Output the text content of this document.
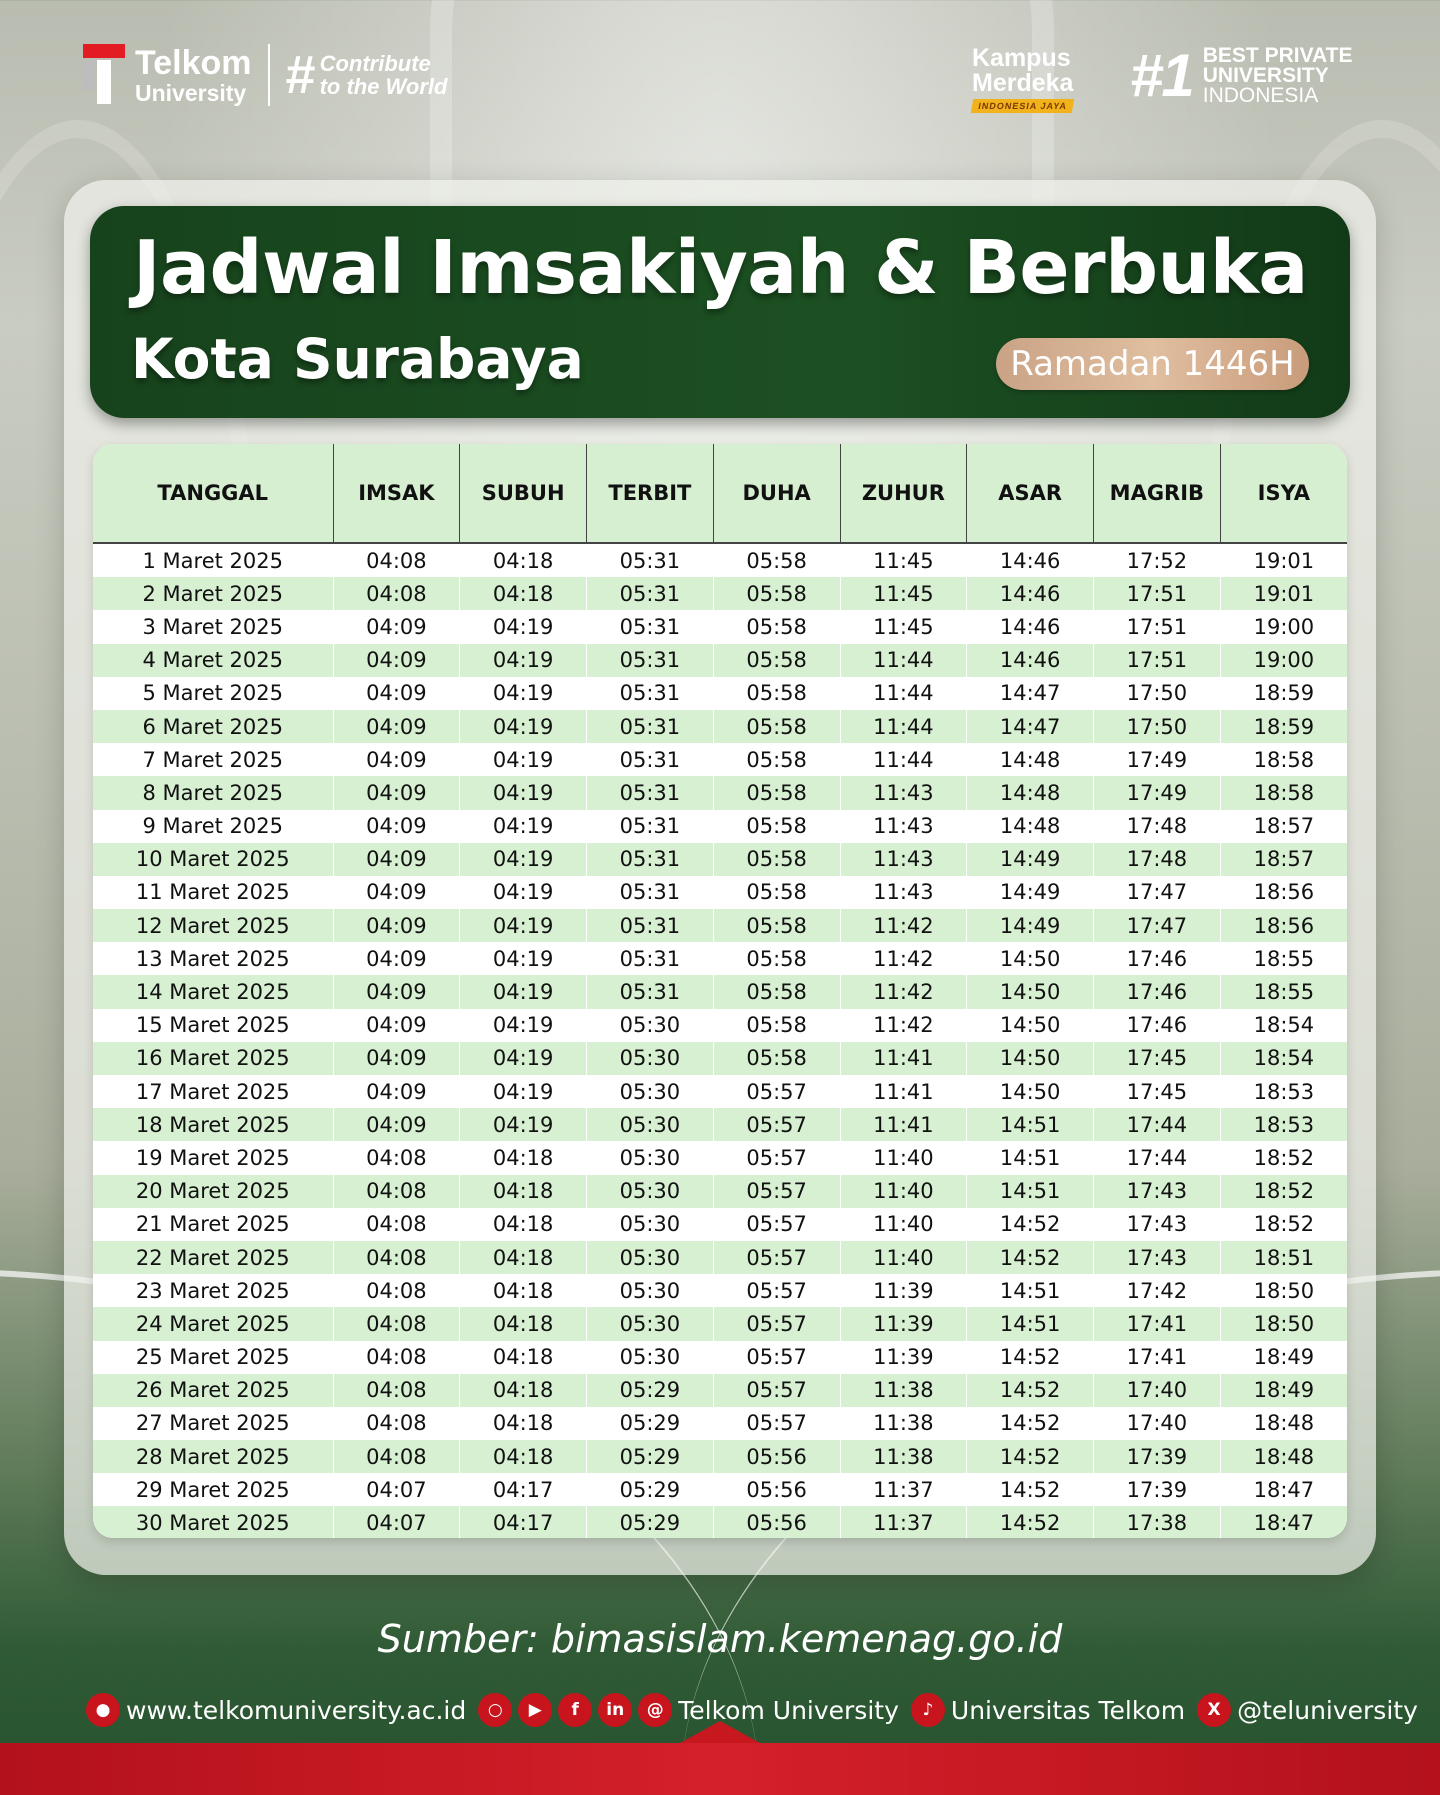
Telkom
University # Contribute
to the World
Kampus
Merdeka
INDONESIA JAYA #1 BEST PRIVATE
UNIVERSITY
INDONESIA
Jadwal Imsakiyah & Berbuka
Kota Surabaya	Ramadan 1446H
TANGGAL	IMSAK	SUBUH	TERBIT	DUHA	ZUHUR	ASAR	MAGRIB	ISYA
1 Maret 2025	04:08	04:18	05:31	05:58	11:45	14:46	17:52	19:01
2 Maret 2025	04:08	04:18	05:31	05:58	11:45	14:46	17:51	19:01
3 Maret 2025	04:09	04:19	05:31	05:58	11:45	14:46	17:51	19:00
4 Maret 2025	04:09	04:19	05:31	05:58	11:44	14:46	17:51	19:00
5 Maret 2025	04:09	04:19	05:31	05:58	11:44	14:47	17:50	18:59
6 Maret 2025	04:09	04:19	05:31	05:58	11:44	14:47	17:50	18:59
7 Maret 2025	04:09	04:19	05:31	05:58	11:44	14:48	17:49	18:58
8 Maret 2025	04:09	04:19	05:31	05:58	11:43	14:48	17:49	18:58
9 Maret 2025	04:09	04:19	05:31	05:58	11:43	14:48	17:48	18:57
10 Maret 2025	04:09	04:19	05:31	05:58	11:43	14:49	17:48	18:57
11 Maret 2025	04:09	04:19	05:31	05:58	11:43	14:49	17:47	18:56
12 Maret 2025	04:09	04:19	05:31	05:58	11:42	14:49	17:47	18:56
13 Maret 2025	04:09	04:19	05:31	05:58	11:42	14:50	17:46	18:55
14 Maret 2025	04:09	04:19	05:31	05:58	11:42	14:50	17:46	18:55
15 Maret 2025	04:09	04:19	05:30	05:58	11:42	14:50	17:46	18:54
16 Maret 2025	04:09	04:19	05:30	05:58	11:41	14:50	17:45	18:54
17 Maret 2025	04:09	04:19	05:30	05:57	11:41	14:50	17:45	18:53
18 Maret 2025	04:09	04:19	05:30	05:57	11:41	14:51	17:44	18:53
19 Maret 2025	04:08	04:18	05:30	05:57	11:40	14:51	17:44	18:52
20 Maret 2025	04:08	04:18	05:30	05:57	11:40	14:51	17:43	18:52
21 Maret 2025	04:08	04:18	05:30	05:57	11:40	14:52	17:43	18:52
22 Maret 2025	04:08	04:18	05:30	05:57	11:40	14:52	17:43	18:51
23 Maret 2025	04:08	04:18	05:30	05:57	11:39	14:51	17:42	18:50
24 Maret 2025	04:08	04:18	05:30	05:57	11:39	14:51	17:41	18:50
25 Maret 2025	04:08	04:18	05:30	05:57	11:39	14:52	17:41	18:49
26 Maret 2025	04:08	04:18	05:29	05:57	11:38	14:52	17:40	18:49
27 Maret 2025	04:08	04:18	05:29	05:57	11:38	14:52	17:40	18:48
28 Maret 2025	04:08	04:18	05:29	05:56	11:38	14:52	17:39	18:48
29 Maret 2025	04:07	04:17	05:29	05:56	11:37	14:52	17:39	18:47
30 Maret 2025	04:07	04:17	05:29	05:56	11:37	14:52	17:38	18:47
Sumber: bimasislam.kemenag.go.id
● www.telkomuniversity.ac.id	○	▶	f	in	@ Telkom University	♪ Universitas Telkom	X @teluniversity
